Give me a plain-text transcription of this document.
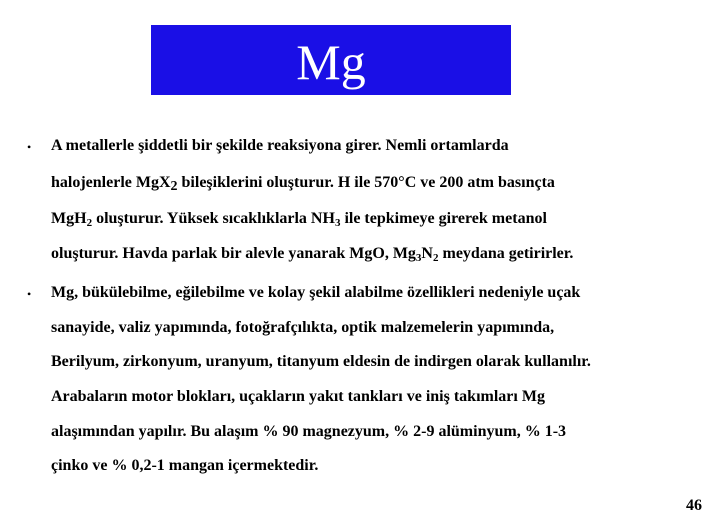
Mg
• A metallerle şiddetli bir şekilde reaksiyona girer. Nemli ortamlarda
halojenlerle MgX$_2$ bileşiklerini oluşturur. H ile 570°C ve 200 atm basınçta
MgH$_2$ oluşturur. Yüksek sıcaklıklarla $NH_3$ ile tepkimeye girerek metanol
oluşturur. Havda parlak bir alevle yanarak MgO, $Mg_3N_2$ meydana getirirler.
• Mg, bükülebilme, eğilebilme ve kolay şekil alabilme özellikleri nedeniyle uçak
sanayide, valiz yapımında, fotoğrafçılıkta, optik malzemelerin yapımında,
Berilyum, zirkonyum, uranyum, titanyum eldesin de indirgen olarak kullanılır.
Arabaların motor blokları, uçakların yakıt tankları ve iniş takımları Mg
alaşımından yapılır. Bu alaşım % 90 magnezyum, % 2-9 alüminyum, % 1-3
çinko ve % 0,2-1 mangan içermektedir.
46
